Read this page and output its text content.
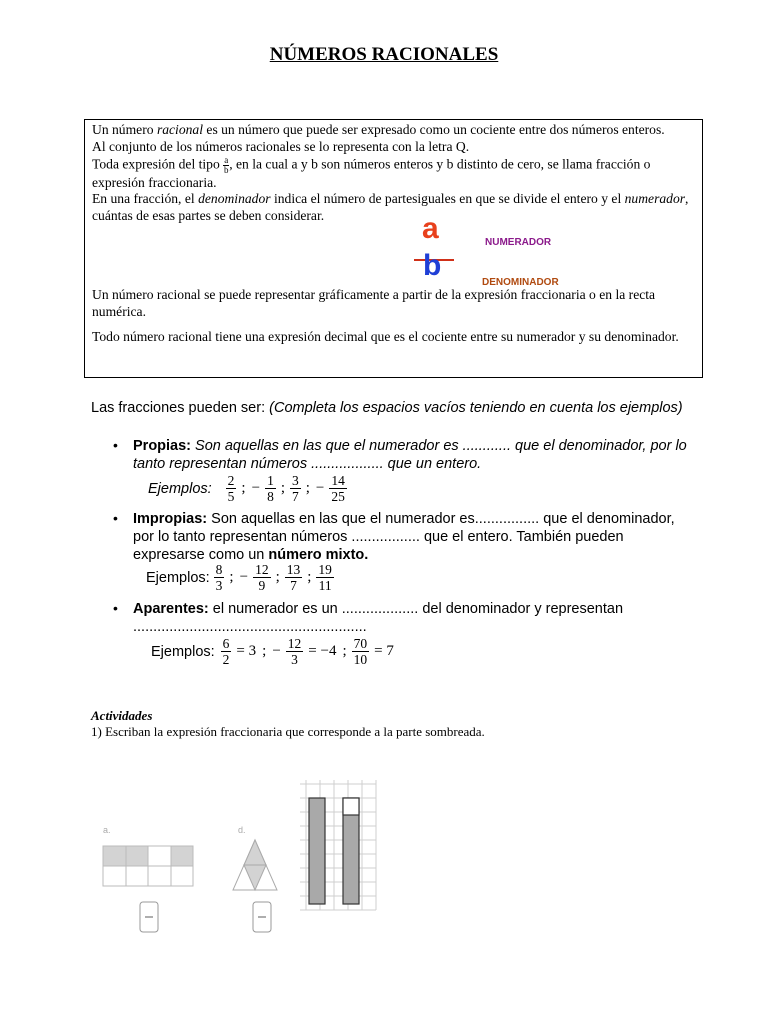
NÚMEROS RACIONALES

Un número racional es un número que puede ser expresado como un cociente entre dos números enteros.

Al conjunto de los números racionales se lo representa con la letra Q.

Toda expresión del tipo $\frac{a}{b}$ , en la cual a y b son números enteros y b distinto de cero, se llama fracción o expresión fraccionaria.

En una fracción, el denominador indica el número de partesiguales en que se divide el entero y el numerador, cuántas de esas partes se deben considerar.	a
b
NUMERADOR
DENOMINADOR

Un número racional se puede representar gráficamente a partir de la expresión fraccionaria o en la recta numérica.

Todo número racional tiene una expresión decimal que es el cociente entre su numerador y su denominador.

Las fracciones pueden ser: (Completa los espacios vacíos teniendo en cuenta los ejemplos)
• Propias: Son aquellas en las que el numerador es ............ que el denominador, por lo tanto representan números .................. que un entero.
Ejemplos: $\frac{2}{5}$ ; − $\frac{1}{8}$ ; $\frac{3}{7}$ ; − $\frac{14}{25}$
• Impropias: Son aquellas en las que el numerador es................ que el denominador, por lo tanto representan números ................. que el entero. También pueden expresarse como un número mixto.
Ejemplos: $\frac{8}{3}$ ; − $\frac{12}{9}$ ; $\frac{13}{7}$ ; $\frac{19}{11}$
• Aparentes: el numerador es un ................... del denominador y representan ..........................................................
Ejemplos: $\frac{6}{2} = 3$ ; − $\frac{12}{3} = -4$ ; $\frac{70}{10} = 7$
Actividades
1) Escriban la expresión fraccionaria que corresponde a la parte sombreada.
a.	d.
